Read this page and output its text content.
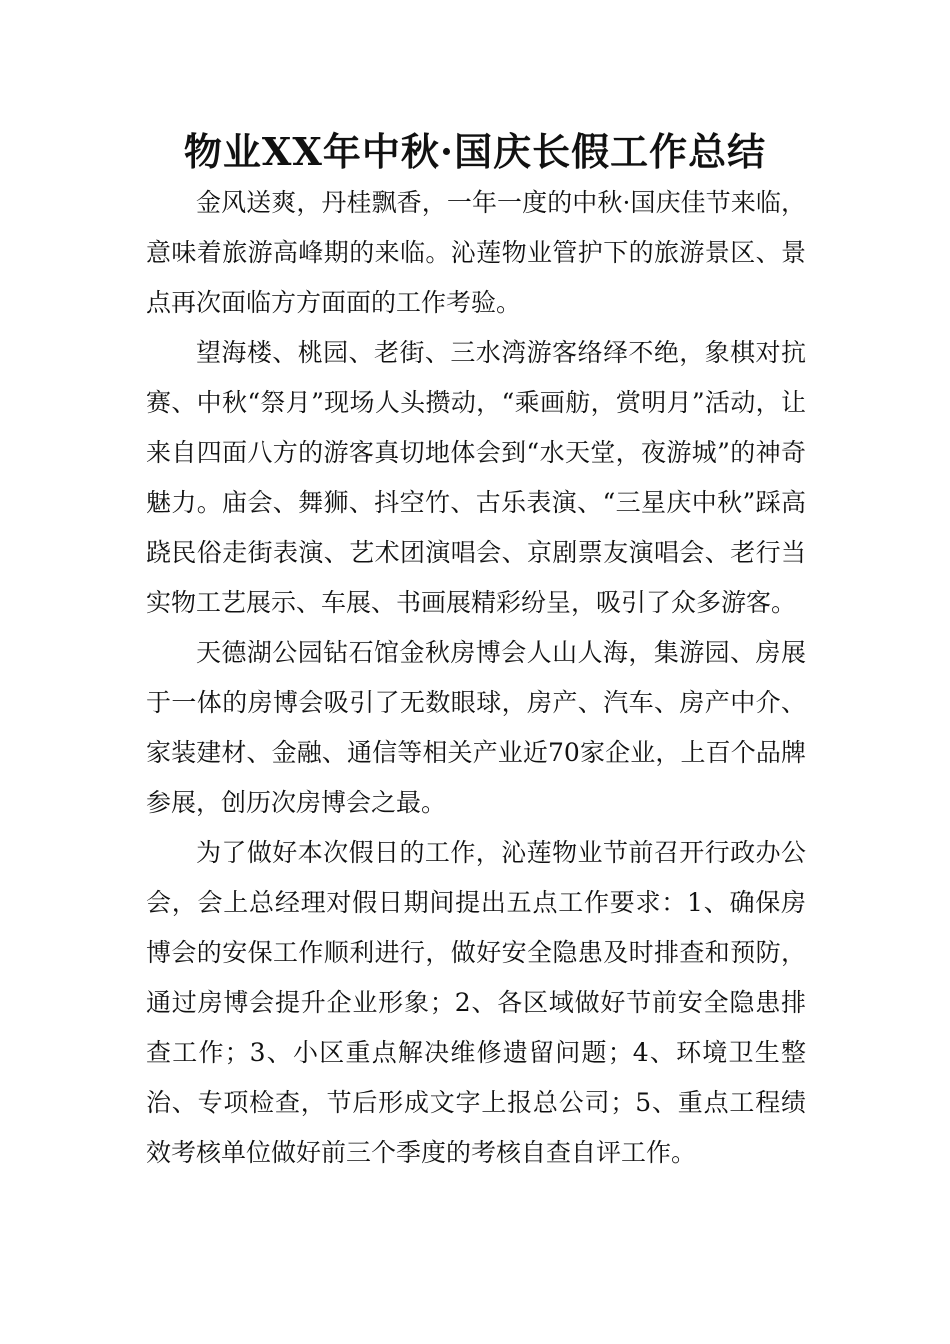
物业XX年中秋·国庆长假工作总结

金风送爽，丹桂飘香，一年一度的中秋·国庆佳节来临，意味着旅游高峰期的来临。沁莲物业管护下的旅游景区、景点再次面临方方面面的工作考验。

望海楼、桃园、老街、三水湾游客络绎不绝，象棋对抗赛、中秋“祭月”现场人头攒动，“乘画舫，赏明月”活动，让来自四面八方的游客真切地体会到“水天堂，夜游城”的神奇魅力。庙会、舞狮、抖空竹、古乐表演、“三星庆中秋”踩高跷民俗走街表演、艺术团演唱会、京剧票友演唱会、老行当实物工艺展示、车展、书画展精彩纷呈，吸引了众多游客。

天德湖公园钻石馆金秋房博会人山人海，集游园、房展于一体的房博会吸引了无数眼球，房产、汽车、房产中介、家装建材、金融、通信等相关产业近70家企业，上百个品牌参展，创历次房博会之最。

为了做好本次假日的工作，沁莲物业节前召开行政办公会，会上总经理对假日期间提出五点工作要求：1、确保房博会的安保工作顺利进行，做好安全隐患及时排查和预防，通过房博会提升企业形象；2、各区域做好节前安全隐患排查工作；3、小区重点解决维修遗留问题；4、环境卫生整治、专项检查，节后形成文字上报总公司；5、重点工程绩效考核单位做好前三个季度的考核自查自评工作。
